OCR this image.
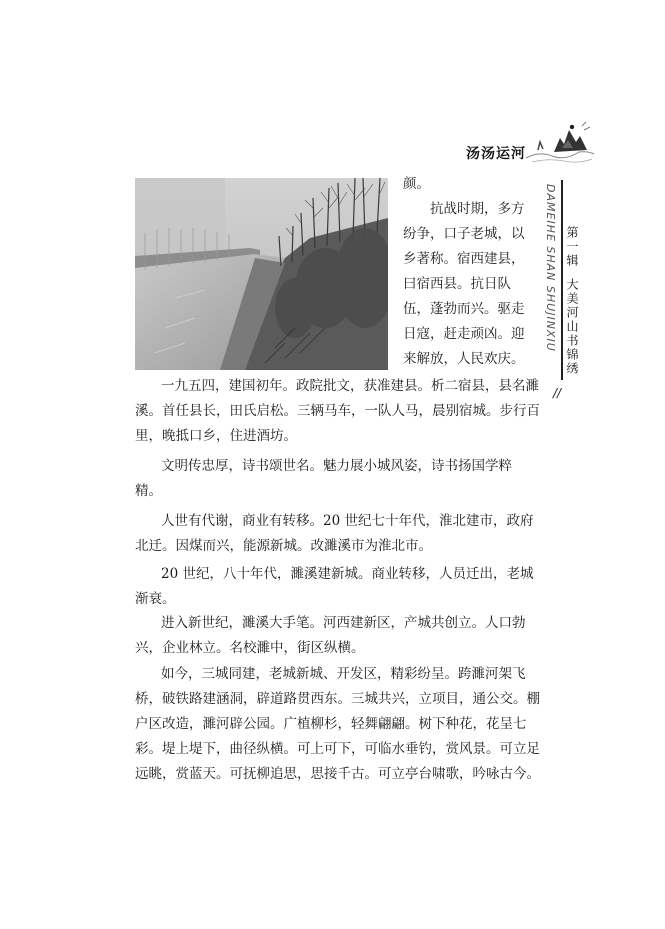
汤汤运河
DAMEIHE SHAN SHUJINXIU 第一辑大美河山书锦绣
//
颜。
抗战时期，多方
纷争，口子老城，以
乡著称。宿西建县，
曰宿西县。抗日队
伍，蓬勃而兴。驱走
日寇，赶走顽凶。迎
来解放，人民欢庆。
一九五四，建国初年。政院批文，获准建县。析二宿县，县名濉
溪。首任县长，田氏启松。三辆马车，一队人马，晨别宿城。步行百
里，晚抵口乡，住进酒坊。
文明传忠厚，诗书颂世名。魅力展小城风姿，诗书扬国学粹
精。
人世有代谢，商业有转移。20 世纪七十年代，淮北建市，政府
北迁。因煤而兴，能源新城。改濉溪市为淮北市。
20 世纪，八十年代，濉溪建新城。商业转移，人员迁出，老城
渐衰。
进入新世纪，濉溪大手笔。河西建新区，产城共创立。人口勃
兴，企业林立。名校濉中，街区纵横。
如今，三城同建，老城新城、开发区，精彩纷呈。跨濉河架飞
桥，破铁路建涵洞，辟道路贯西东。三城共兴，立项目，通公交。棚
户区改造，濉河辟公园。广植柳杉，轻舞翩翩。树下种花，花呈七
彩。堤上堤下，曲径纵横。可上可下，可临水垂钓，赏风景。可立足
远眺，赏蓝天。可抚柳追思，思接千古。可立亭台啸歌，吟咏古今。
